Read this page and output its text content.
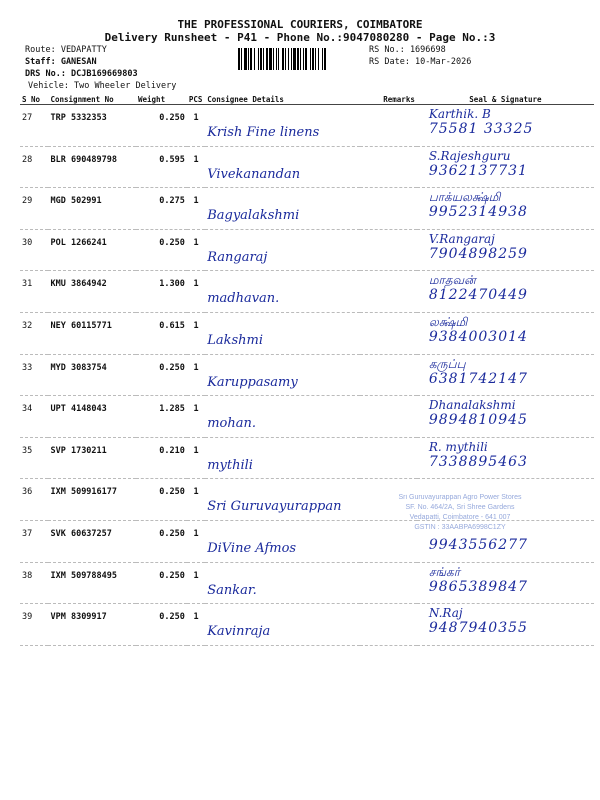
THE PROFESSIONAL COURIERS, COIMBATORE
Delivery Runsheet - P41 - Phone No.:9047080280 - Page No.:3
Route: VEDAPATTY
Staff: GANESAN
DRS No.: DCJB169669803
Vehicle: Two Wheeler Delivery
RS No.: 1696698
RS Date: 10-Mar-2026
S No	Consignment No	Weight	PCS	Consignee Details	Remarks	Seal & Signature

27	TRP 5332353	0.250	1	Krish Fine linens		Karthik. B
75581 33325

28	BLR 690489798	0.595	1	Vivekanandan		S.Rajeshguru
9362137731

29	MGD 502991	0.275	1	Bagyalakshmi		பாக்யலக்ஷ்மி
9952314938

30	POL 1266241	0.250	1	Rangaraj		V.Rangaraj
7904898259

31	KMU 3864942	1.300	1	madhavan.		மாதவன்
8122470449

32	NEY 60115771	0.615	1	Lakshmi		லக்ஷ்மி
9384003014

33	MYD 3083754	0.250	1	Karuppasamy		கருப்பு
6381742147

34	UPT 4148043	1.285	1	mohan.		Dhanalakshmi
9894810945

35	SVP 1730211	0.210	1	mythili		R. mythili
7338895463

36	IXM 509916177	0.250	1	Sri Guruvayurappan		

37	SVK 60637257	0.250	1	DiVine Afmos		9943556277

38	IXM 509788495	0.250	1	Sankar.		சங்கர்
9865389847

39	VPM 8309917	0.250	1	Kavinraja		N.Raj
9487940355
Sri Guruvayurappan Agro Power Stores
SF. No. 464/2A, Sri Shree Gardens
Vedapatti, Coimbatore - 641 007
GSTIN : 33AABPA6998C1ZY
